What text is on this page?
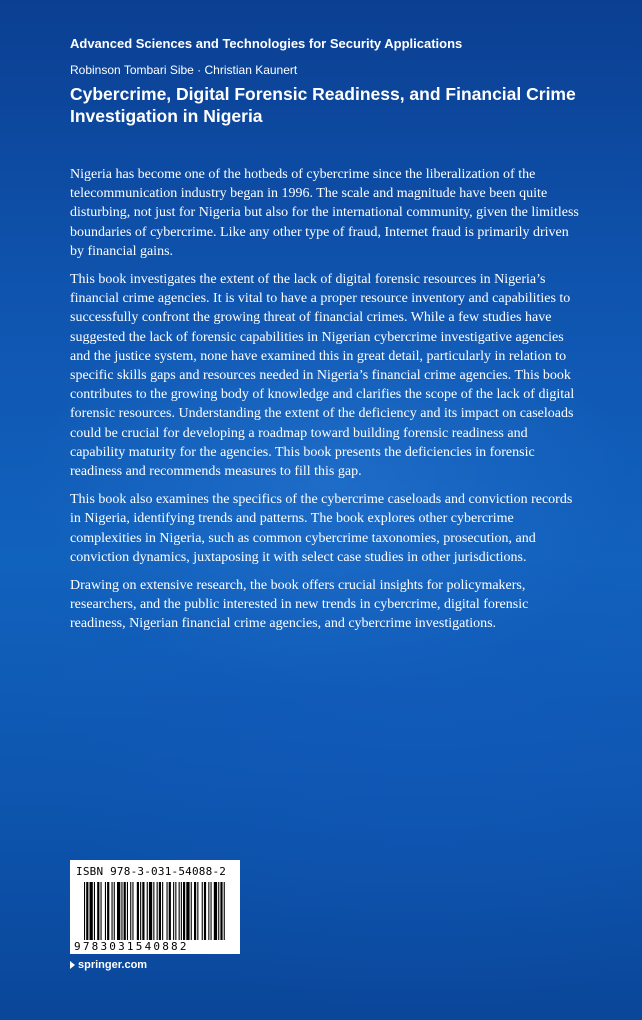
Advanced Sciences and Technologies for Security Applications
Robinson Tombari Sibe · Christian Kaunert
Cybercrime, Digital Forensic Readiness, and Financial Crime Investigation in Nigeria

Nigeria has become one of the hotbeds of cybercrime since the liberalization of the telecommunication industry began in 1996. The scale and magnitude have been quite disturbing, not just for Nigeria but also for the international community, given the limitless boundaries of cybercrime. Like any other type of fraud, Internet fraud is primarily driven by financial gains.

This book investigates the extent of the lack of digital forensic resources in Nigeria’s financial crime agencies. It is vital to have a proper resource inventory and capabilities to successfully confront the growing threat of financial crimes. While a few studies have suggested the lack of forensic capabilities in Nigerian cybercrime investigative agencies and the justice system, none have examined this in great detail, particularly in relation to specific skills gaps and resources needed in Nigeria’s financial crime agencies. This book contributes to the growing body of knowledge and clarifies the scope of the lack of digital forensic resources. Understanding the extent of the deficiency and its impact on caseloads could be crucial for developing a roadmap toward building forensic readiness and capability maturity for the agencies. This book presents the deficiencies in forensic readiness and recommends measures to fill this gap.

This book also examines the specifics of the cybercrime caseloads and conviction records in Nigeria, identifying trends and patterns. The book explores other cybercrime complexities in Nigeria, such as common cybercrime taxonomies, prosecution, and conviction dynamics, juxtaposing it with select case studies in other jurisdictions.

Drawing on extensive research, the book offers crucial insights for policymakers, researchers, and the public interested in new trends in cybercrime, digital forensic readiness, Nigerian financial crime agencies, and cybercrime investigations.

ISBN 978-3-031-54088-2
9783031540882
springer.com
